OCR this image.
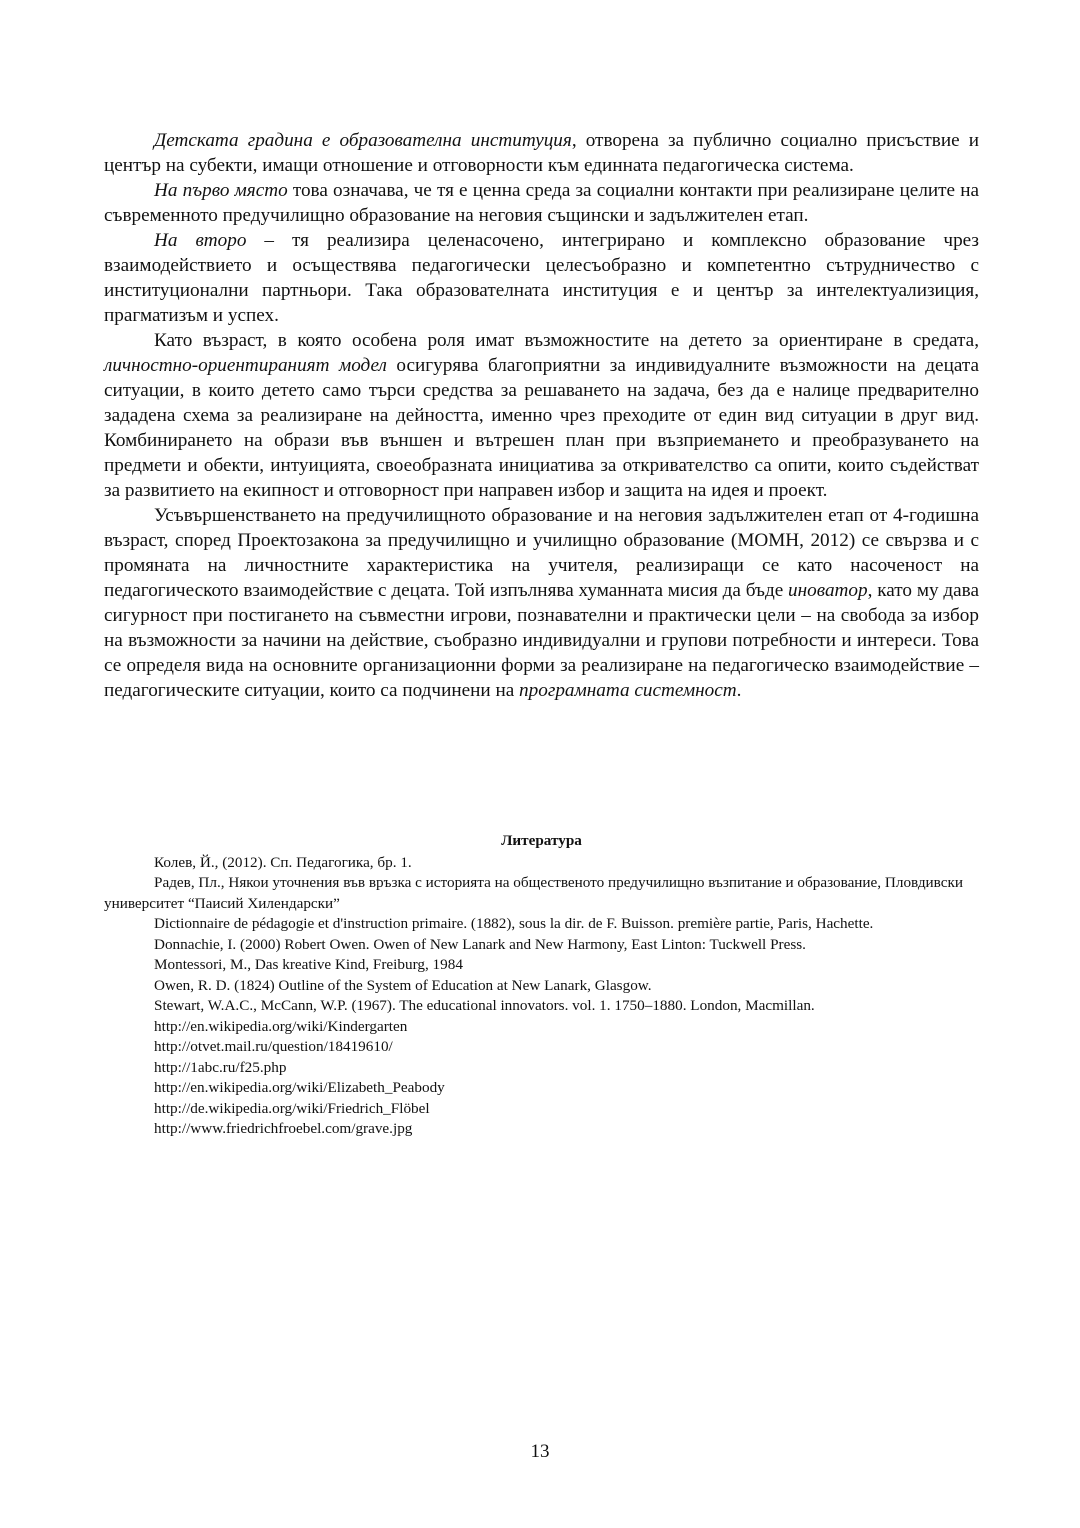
Детската градина е образователна институция, отворена за публично социално присъствие и център на субекти, имащи отношение и отговорности към единната педагогическа система.

На първо място това означава, че тя е ценна среда за социални контакти при реализиране целите на съвременното предучилищно образование на неговия същински и задължителен етап.

На второ – тя реализира целенасочено, интегрирано и комплексно образование чрез взаимодействието и осъществява педагогически целесъобразно и компетентно сътрудничество с институционални партньори. Така образователната институция е и център за интелектуализиция, прагматизъм и успех.

Като възраст, в която особена роля имат възможностите на детето за ориентиране в средата, личностно-ориентираният модел осигурява благоприятни за индивидуалните възможности на децата ситуации, в които детето само търси средства за решаването на задача, без да е налице предварително зададена схема за реализиране на дейността, именно чрез преходите от един вид ситуации в друг вид. Комбинирането на образи във външен и вътрешен план при възприемането и преобразуването на предмети и обекти, интуицията, своеобразната инициатива за откривателство са опити, които съдействат за развитието на екипност и отговорност при направен избор и защита на идея и проект.

Усъвършенстването на предучилищното образование и на неговия задължителен етап от 4-годишна възраст, според Проектозакона за предучилищно и училищно образование (МОМН, 2012) се свързва и с промяната на личностните характеристика на учителя, реализиращи се като насоченост на педагогическото взаимодействие с децата. Той изпълнява хуманната мисия да бъде иноватор, като му дава сигурност при постигането на съвместни игрови, познавателни и практически цели – на свобода за избор на възможности за начини на действие, съобразно индивидуални и групови потребности и интереси. Това се определя вида на основните организационни форми за реализиране на педагогическо взаимодействие – педагогическите ситуации, които са подчинени на програмната системност.

Литература
Колев, Й., (2012). Сп. Педагогика, бр. 1.
Радев, Пл., Някои уточнения във връзка с историята на общественото предучилищно възпитание и образование, Пловдивски университет “Паисий Хилендарски”
Dictionnaire de pédagogie et d'instruction primaire. (1882), sous la dir. de F. Buisson. première partie, Paris, Hachette.
Donnachie, I. (2000) Robert Owen. Owen of New Lanark and New Harmony, East Linton: Tuckwell Press.
Montessori, M., Das kreative Kind, Freiburg, 1984
Owen, R. D. (1824) Outline of the System of Education at New Lanark, Glasgow.
Stewart, W.A.C., McCann, W.P. (1967). The educational innovators. vol. 1. 1750–1880. London, Macmillan.
http://en.wikipedia.org/wiki/Kindergarten
http://otvet.mail.ru/question/18419610/
http://1abc.ru/f25.php
http://en.wikipedia.org/wiki/Elizabeth_Peabody
http://de.wikipedia.org/wiki/Friedrich_Flöbel
http://www.friedrichfroebel.com/grave.jpg
13
